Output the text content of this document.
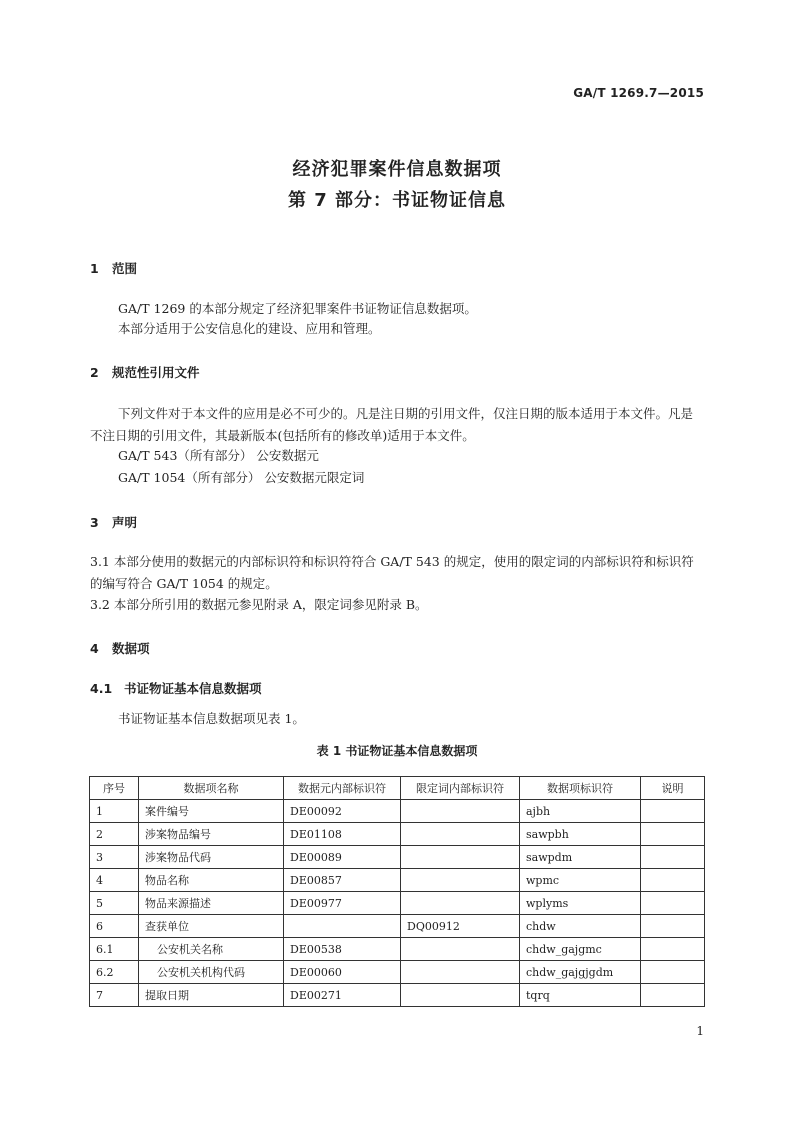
GA/T 1269.7—2015
经济犯罪案件信息数据项
第 7 部分：书证物证信息
1 范围
GA/T 1269 的本部分规定了经济犯罪案件书证物证信息数据项。
本部分适用于公安信息化的建设、应用和管理。
2 规范性引用文件
下列文件对于本文件的应用是必不可少的。凡是注日期的引用文件，仅注日期的版本适用于本文件。凡是不注日期的引用文件，其最新版本(包括所有的修改单)适用于本文件。
GA/T 543（所有部分） 公安数据元
GA/T 1054（所有部分） 公安数据元限定词
3 声明
3.1 本部分使用的数据元的内部标识符和标识符符合 GA/T 543 的规定，使用的限定词的内部标识符和标识符的编写符合 GA/T 1054 的规定。
3.2 本部分所引用的数据元参见附录 A，限定词参见附录 B。
4 数据项
4.1 书证物证基本信息数据项
书证物证基本信息数据项见表 1。
表 1 书证物证基本信息数据项
序号	数据项名称	数据元内部标识符	限定词内部标识符	数据项标识符	说明
1	案件编号	DE00092		ajbh	
2	涉案物品编号	DE01108		sawpbh	
3	涉案物品代码	DE00089		sawpdm	
4	物品名称	DE00857		wpmc	
5	物品来源描述	DE00977		wplyms	
6	查获单位		DQ00912	chdw	
6.1	公安机关名称	DE00538		chdw_gajgmc	
6.2	公安机关机构代码	DE00060		chdw_gajgjgdm	
7	提取日期	DE00271		tqrq	
1
